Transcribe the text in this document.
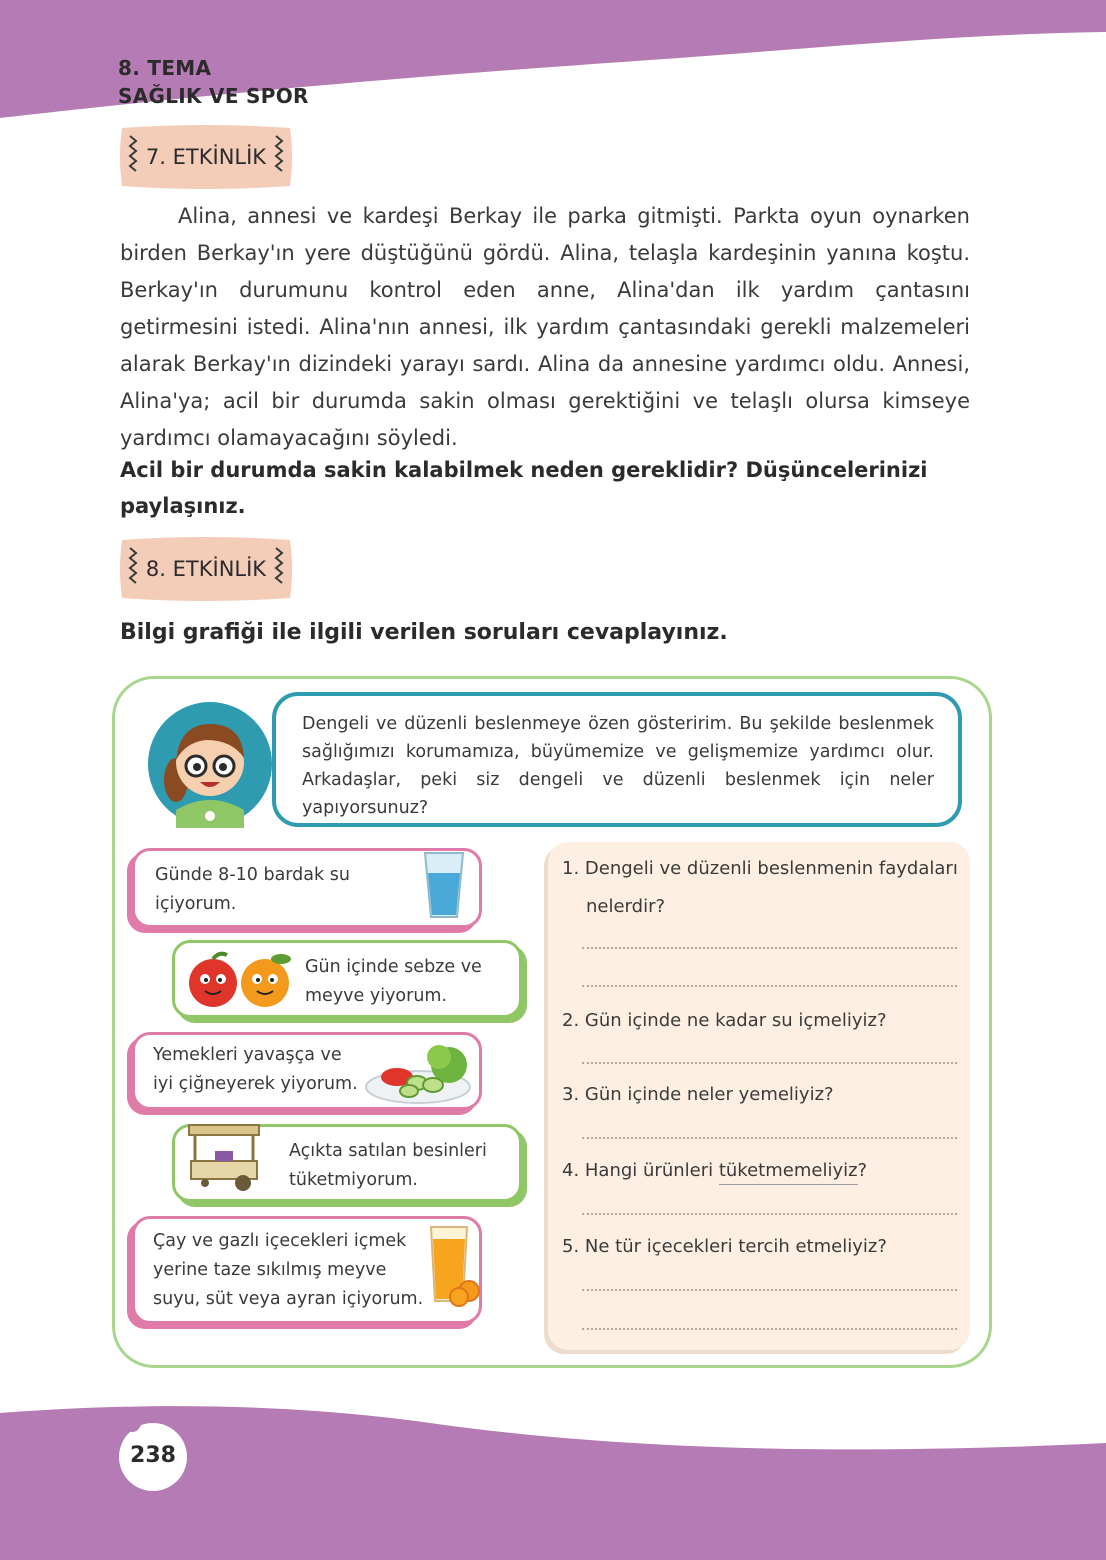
8. TEMA
SAĞLIK VE SPOR
7. ETKİNLİK

Alina, annesi ve kardeşi Berkay ile parka gitmişti. Parkta oyun oynarken birden Berkay'ın yere düştüğünü gördü. Alina, telaşla kardeşinin yanına koştu. Berkay'ın durumunu kontrol eden anne, Alina'dan ilk yardım çantasını getirmesini istedi. Alina'nın annesi, ilk yardım çantasındaki gerekli malzemeleri alarak Berkay'ın dizindeki yarayı sardı. Alina da annesine yardımcı oldu. Annesi, Alina'ya; acil bir durumda sakin olması gerektiğini ve telaşlı olursa kimseye yardımcı olamayacağını söyledi.

Acil bir durumda sakin kalabilmek neden gereklidir? Düşüncelerinizi paylaşınız.

8. ETKİNLİK
Bilgi grafiği ile ilgili verilen soruları cevaplayınız.
Dengeli ve düzenli beslenmeye özen gösteririm. Bu şekilde beslenmek sağlığımızı korumamıza, büyümemize ve gelişmemize yardımcı olur. Arkadaşlar, peki siz dengeli ve düzenli beslenmek için neler yapıyorsunuz?
Günde 8-10 bardak su içiyorum.
Gün içinde sebze ve meyve yiyorum.
Yemekleri yavaşça ve iyi çiğneyerek yiyorum.
Açıkta satılan besinleri tüketmiyorum.
Çay ve gazlı içecekleri içmek yerine taze sıkılmış meyve suyu, süt veya ayran içiyorum.
1. Dengeli ve düzenli beslenmenin faydaları
nelerdir?
2. Gün içinde ne kadar su içmeliyiz?
3. Gün içinde neler yemeliyiz?
4. Hangi ürünleri tüketmemeliyiz?
5. Ne tür içecekleri tercih etmeliyiz?
238
